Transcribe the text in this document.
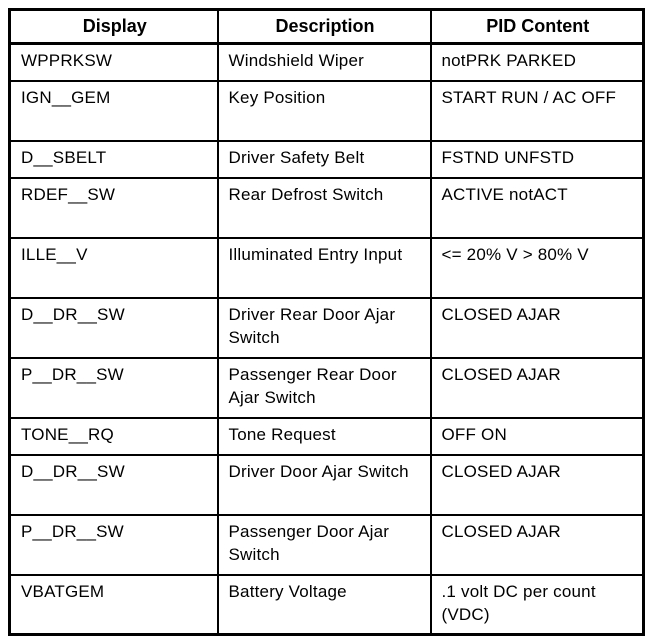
Display	Description	PID Content
WPPRKSW	Windshield Wiper	notPRK PARKED
IGN__GEM	Key Position	START RUN / AC OFF
D__SBELT	Driver Safety Belt	FSTND UNFSTD
RDEF__SW	Rear Defrost Switch	ACTIVE notACT
ILLE__V	Illuminated Entry Input	<= 20% V > 80% V
D__DR__SW	Driver Rear Door Ajar Switch	CLOSED AJAR
P__DR__SW	Passenger Rear Door Ajar Switch	CLOSED AJAR
TONE__RQ	Tone Request	OFF ON
D__DR__SW	Driver Door Ajar Switch	CLOSED AJAR
P__DR__SW	Passenger Door Ajar Switch	CLOSED AJAR
VBATGEM	Battery Voltage	.1 volt DC per count (VDC)
